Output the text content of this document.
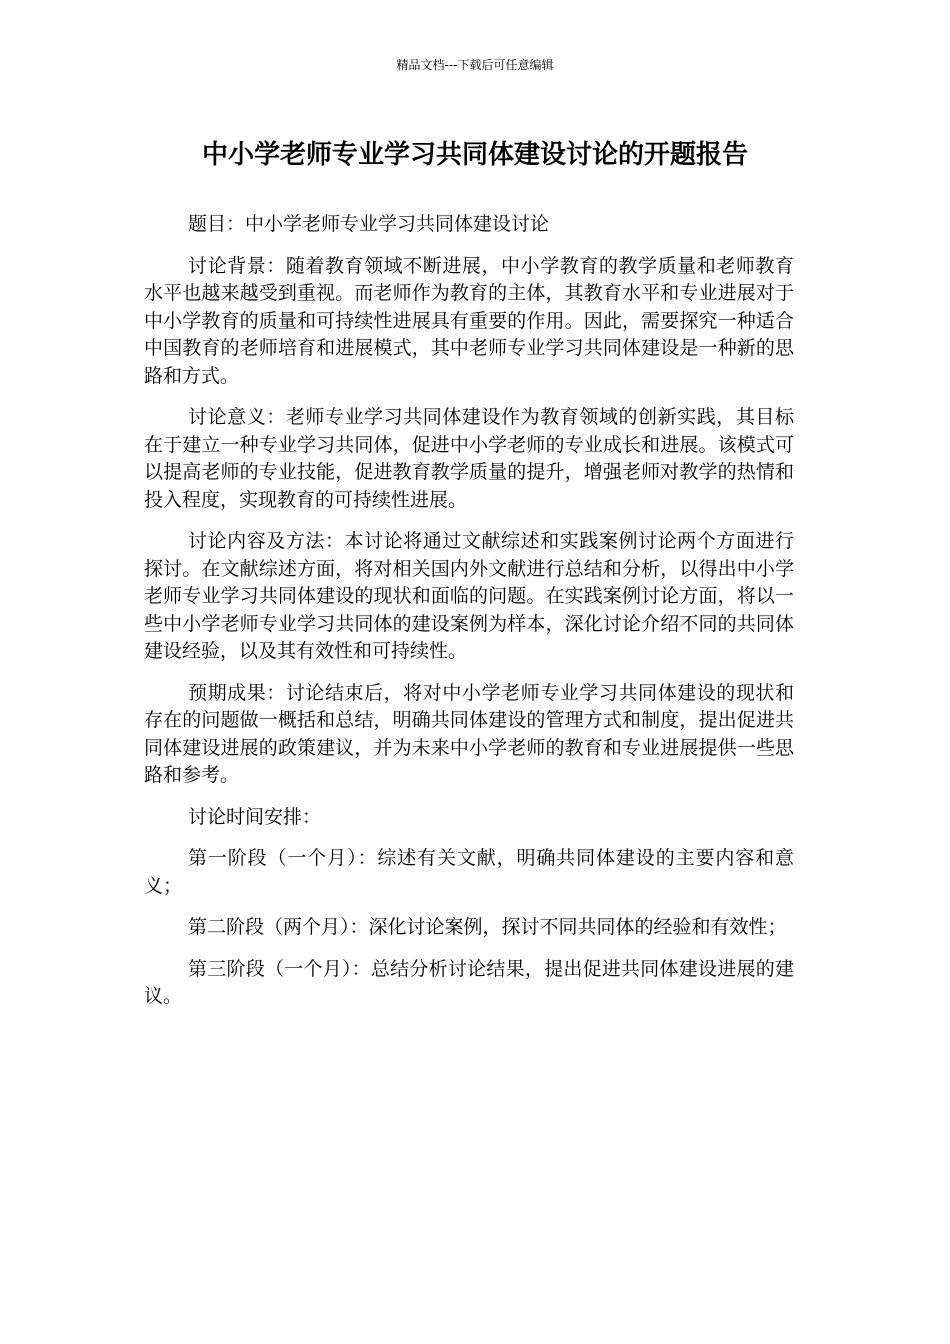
精品文档---下载后可任意编辑
中小学老师专业学习共同体建设讨论的开题报告

题目：中小学老师专业学习共同体建设讨论

讨论背景：随着教育领域不断进展，中小学教育的教学质量和老师教育水平也越来越受到重视。而老师作为教育的主体，其教育水平和专业进展对于中小学教育的质量和可持续性进展具有重要的作用。因此，需要探究一种适合中国教育的老师培育和进展模式，其中老师专业学习共同体建设是一种新的思路和方式。

讨论意义：老师专业学习共同体建设作为教育领域的创新实践，其目标在于建立一种专业学习共同体，促进中小学老师的专业成长和进展。该模式可以提高老师的专业技能，促进教育教学质量的提升，增强老师对教学的热情和投入程度，实现教育的可持续性进展。

讨论内容及方法：本讨论将通过文献综述和实践案例讨论两个方面进行探讨。在文献综述方面，将对相关国内外文献进行总结和分析，以得出中小学老师专业学习共同体建设的现状和面临的问题。在实践案例讨论方面，将以一些中小学老师专业学习共同体的建设案例为样本，深化讨论介绍不同的共同体建设经验，以及其有效性和可持续性。

预期成果：讨论结束后，将对中小学老师专业学习共同体建设的现状和存在的问题做一概括和总结，明确共同体建设的管理方式和制度，提出促进共同体建设进展的政策建议，并为未来中小学老师的教育和专业进展提供一些思路和参考。

讨论时间安排：

第一阶段（一个月）：综述有关文献，明确共同体建设的主要内容和意义；

第二阶段（两个月）：深化讨论案例，探讨不同共同体的经验和有效性；

第三阶段（一个月）：总结分析讨论结果，提出促进共同体建设进展的建议。
